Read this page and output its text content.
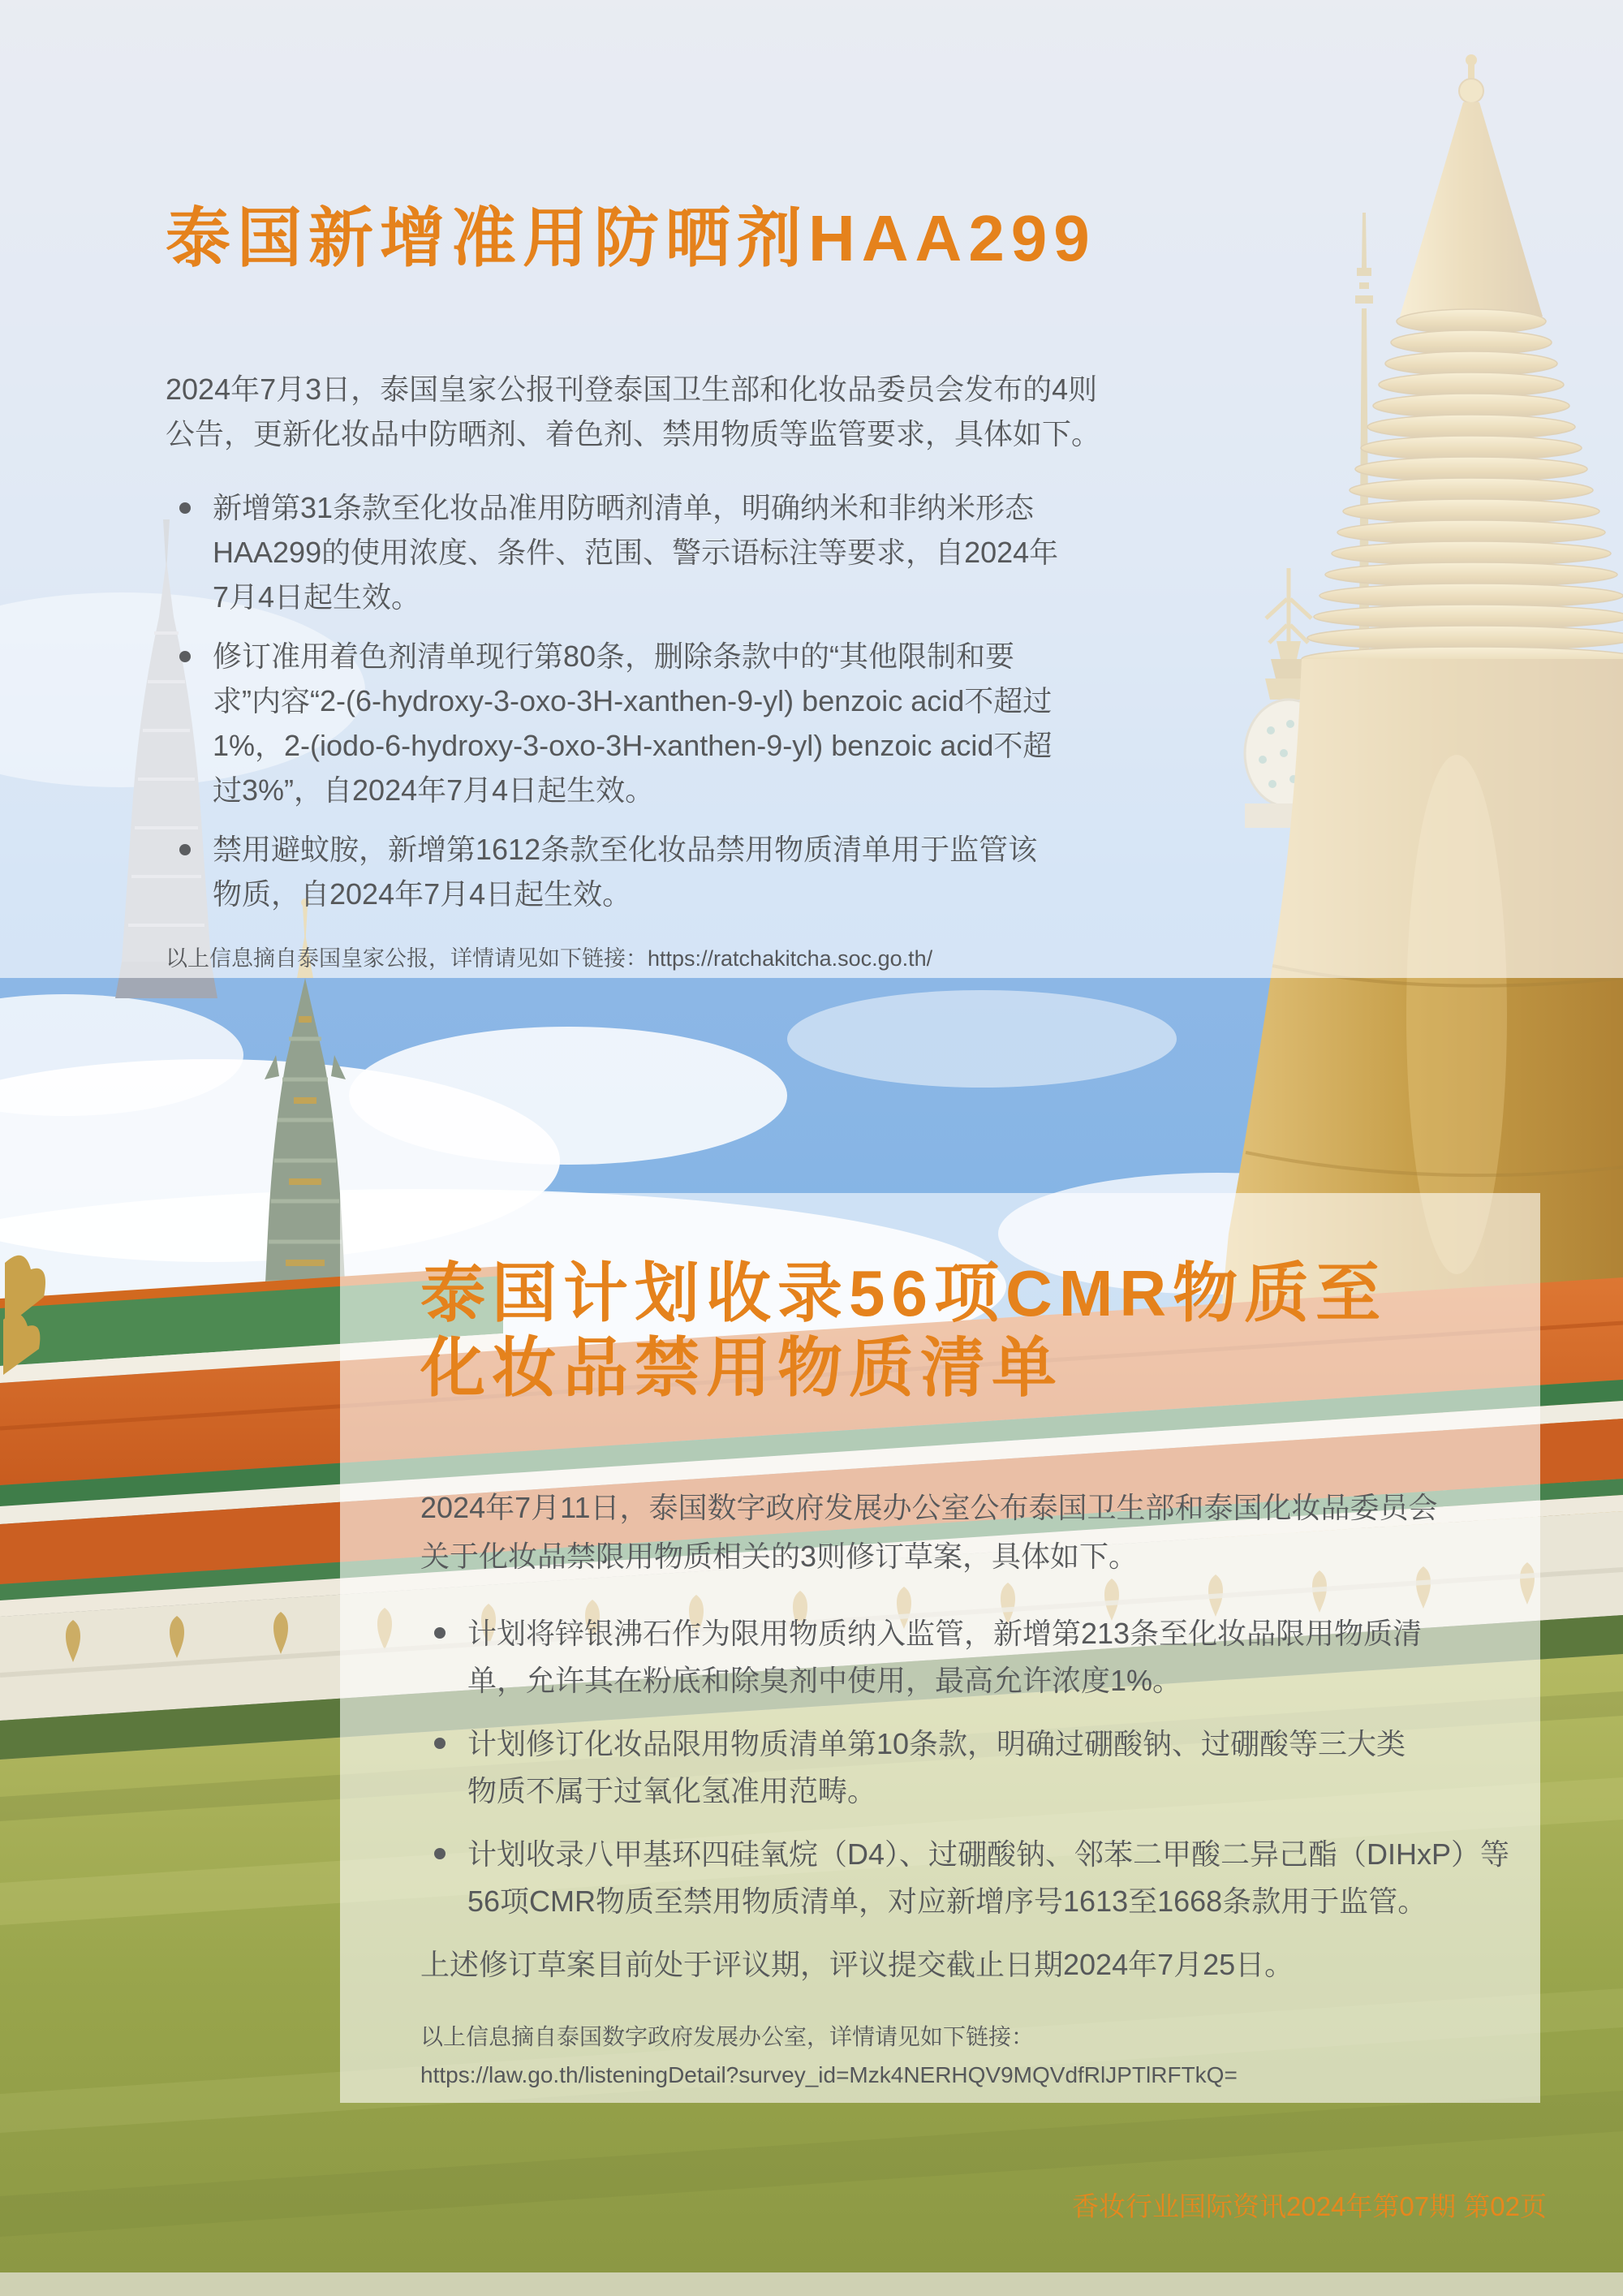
泰国新增准用防晒剂HAA299

2024年7月3日，泰国皇家公报刊登泰国卫生部和化妆品委员会发布的4则公告，更新化妆品中防晒剂、着色剂、禁用物质等监管要求，具体如下。

新增第31条款至化妆品准用防晒剂清单，明确纳米和非纳米形态HAA299的使用浓度、条件、范围、警示语标注等要求，自2024年7月4日起生效。
修订准用着色剂清单现行第80条，删除条款中的“其他限制和要求”内容“2-(6-hydroxy-3-oxo-3H-xanthen-9-yl) benzoic acid不超过1%，2-(iodo-6-hydroxy-3-oxo-3H-xanthen-9-yl) benzoic acid不超过3%”，自2024年7月4日起生效。
禁用避蚊胺，新增第1612条款至化妆品禁用物质清单用于监管该物质，自2024年7月4日起生效。

以上信息摘自泰国皇家公报，详情请见如下链接：https://ratchakitcha.soc.go.th/

泰国计划收录56项CMR物质至
化妆品禁用物质清单

2024年7月11日，泰国数字政府发展办公室公布泰国卫生部和泰国化妆品委员会关于化妆品禁限用物质相关的3则修订草案，具体如下。

计划将锌银沸石作为限用物质纳入监管，新增第213条至化妆品限用物质清单，允许其在粉底和除臭剂中使用，最高允许浓度1%。
计划修订化妆品限用物质清单第10条款，明确过硼酸钠、过硼酸等三大类物质不属于过氧化氢准用范畴。
计划收录八甲基环四硅氧烷（D4）、过硼酸钠、邻苯二甲酸二异己酯（DIHxP）等56项CMR物质至禁用物质清单，对应新增序号1613至1668条款用于监管。

上述修订草案目前处于评议期，评议提交截止日期2024年7月25日。

以上信息摘自泰国数字政府发展办公室，详情请见如下链接：
https://law.go.th/listeningDetail?survey_id=Mzk4NERHQV9MQVdfRlJPTlRFTkQ=

香妆行业国际资讯2024年第07期 第02页
